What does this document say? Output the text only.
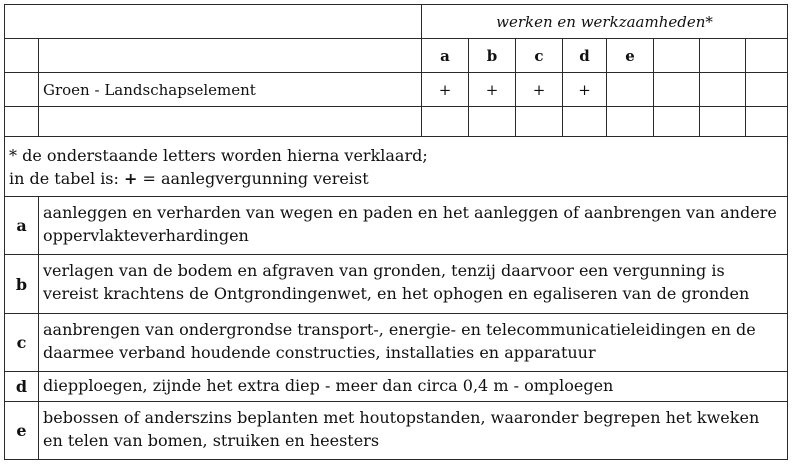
		werken en werkzaamheden*							
		a	b	c	d	e			
	Groen - Landschapselement	+	+	+	+				

* de onderstaande letters worden hierna verklaard;
in de tabel is: + = aanlegvergunning vereist	

a	aanleggen en verharden van wegen en paden en het aanleggen of aanbrengen van andere oppervlakteverhardingen
b	verlagen van de bodem en afgraven van gronden, tenzij daarvoor een vergunning is vereist krachtens de Ontgrondingenwet, en het ophogen en egaliseren van de gronden
c	aanbrengen van ondergrondse transport-, energie- en telecommunicatieleidingen en de daarmee verband houdende constructies, installaties en apparatuur
d	diepploegen, zijnde het extra diep - meer dan circa 0,4 m - omploegen
e	bebossen of anderszins beplanten met houtopstanden, waaronder begrepen het kweken en telen van bomen, struiken en heesters
